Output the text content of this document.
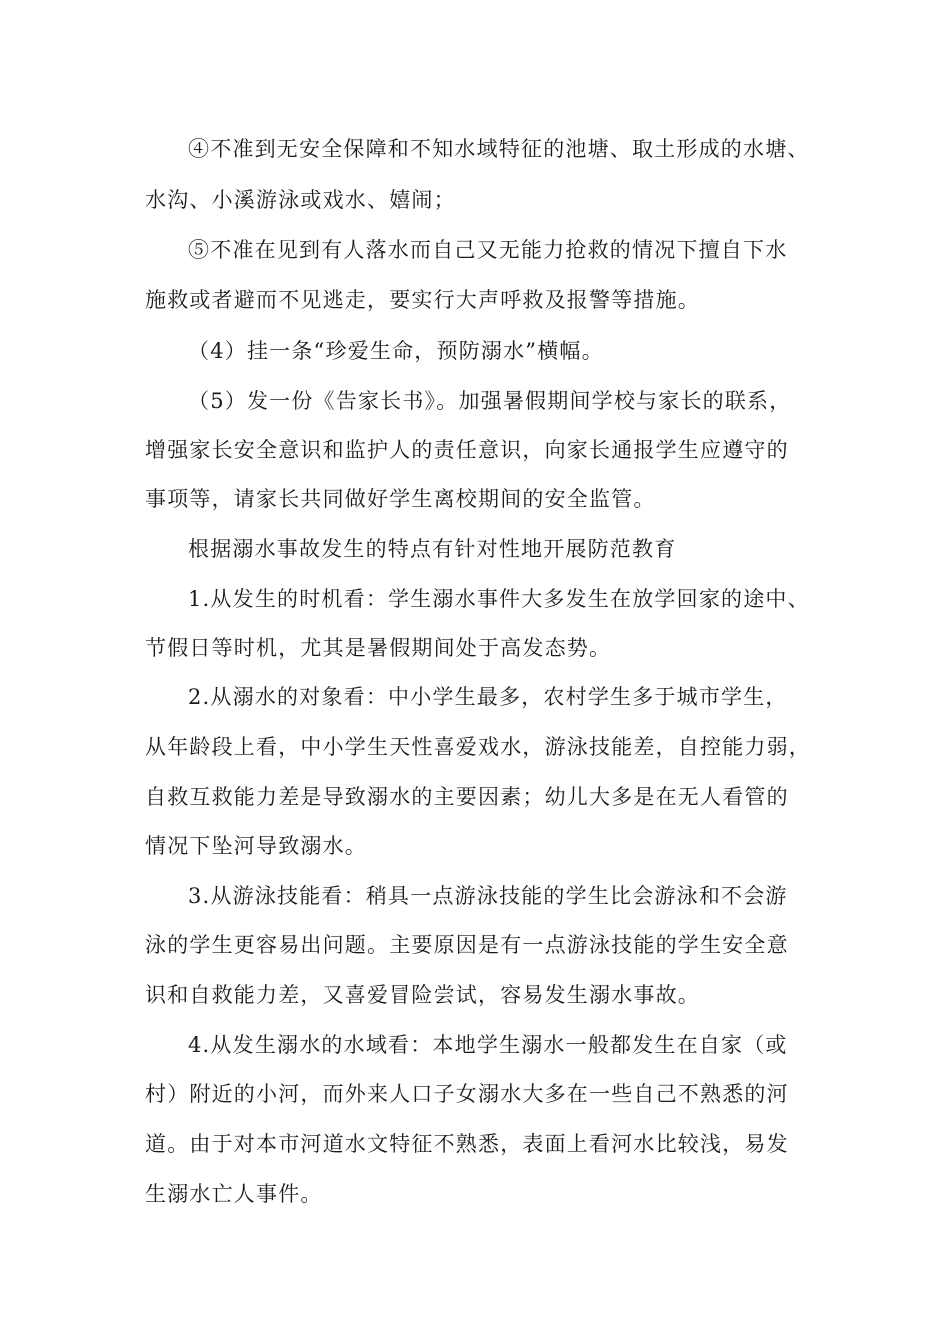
④不准到无安全保障和不知水域特征的池塘、取土形成的水塘、
水沟、小溪游泳或戏水、嬉闹；
⑤不准在见到有人落水而自己又无能力抢救的情况下擅自下水
施救或者避而不见逃走，要实行大声呼救及报警等措施。
（4）挂一条“珍爱生命，预防溺水”横幅。
（5）发一份《告家长书》。加强暑假期间学校与家长的联系，
增强家长安全意识和监护人的责任意识，向家长通报学生应遵守的
事项等，请家长共同做好学生离校期间的安全监管。
根据溺水事故发生的特点有针对性地开展防范教育
1.从发生的时机看：学生溺水事件大多发生在放学回家的途中、
节假日等时机，尤其是暑假期间处于高发态势。
2.从溺水的对象看：中小学生最多，农村学生多于城市学生，
从年龄段上看，中小学生天性喜爱戏水，游泳技能差，自控能力弱，
自救互救能力差是导致溺水的主要因素；幼儿大多是在无人看管的
情况下坠河导致溺水。
3.从游泳技能看：稍具一点游泳技能的学生比会游泳和不会游
泳的学生更容易出问题。主要原因是有一点游泳技能的学生安全意
识和自救能力差，又喜爱冒险尝试，容易发生溺水事故。
4.从发生溺水的水域看：本地学生溺水一般都发生在自家（或
村）附近的小河，而外来人口子女溺水大多在一些自己不熟悉的河
道。由于对本市河道水文特征不熟悉，表面上看河水比较浅，易发
生溺水亡人事件。
